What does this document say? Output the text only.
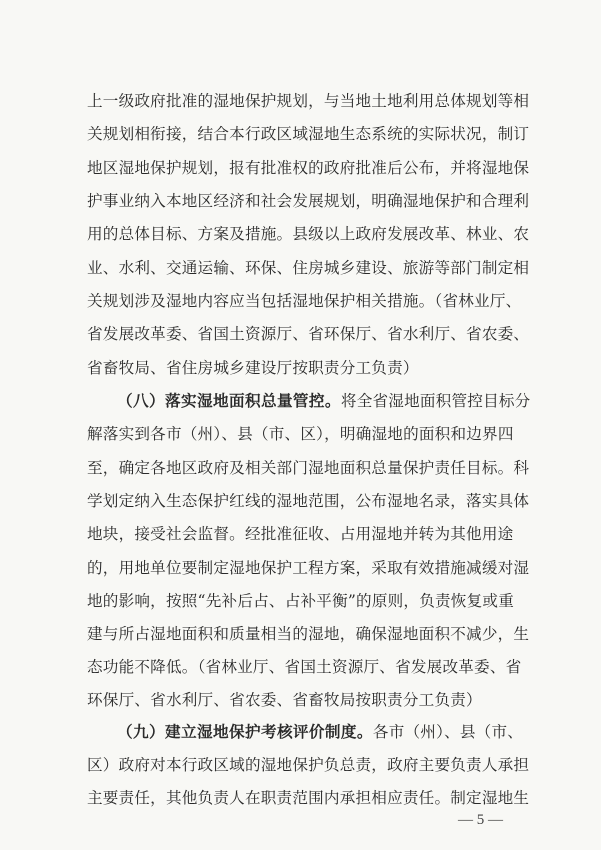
上一级政府批准的湿地保护规划，与当地土地利用总体规划等相
关规划相衔接，结合本行政区域湿地生态系统的实际状况，制订
地区湿地保护规划，报有批准权的政府批准后公布，并将湿地保
护事业纳入本地区经济和社会发展规划，明确湿地保护和合理利
用的总体目标、方案及措施。县级以上政府发展改革、林业、农
业、水利、交通运输、环保、住房城乡建设、旅游等部门制定相
关规划涉及湿地内容应当包括湿地保护相关措施。（省林业厅、
省发展改革委、省国土资源厅、省环保厅、省水利厅、省农委、
省畜牧局、省住房城乡建设厅按职责分工负责）
（八）落实湿地面积总量管控。将全省湿地面积管控目标分
解落实到各市（州）、县（市、区），明确湿地的面积和边界四
至，确定各地区政府及相关部门湿地面积总量保护责任目标。科
学划定纳入生态保护红线的湿地范围，公布湿地名录，落实具体
地块，接受社会监督。经批准征收、占用湿地并转为其他用途
的，用地单位要制定湿地保护工程方案，采取有效措施减缓对湿
地的影响，按照“先补后占、占补平衡”的原则，负责恢复或重
建与所占湿地面积和质量相当的湿地，确保湿地面积不减少，生
态功能不降低。（省林业厅、省国土资源厅、省发展改革委、省
环保厅、省水利厅、省农委、省畜牧局按职责分工负责）
（九）建立湿地保护考核评价制度。各市（州）、县（市、
区）政府对本行政区域的湿地保护负总责，政府主要负责人承担
主要责任，其他负责人在职责范围内承担相应责任。制定湿地生
— 5 —
